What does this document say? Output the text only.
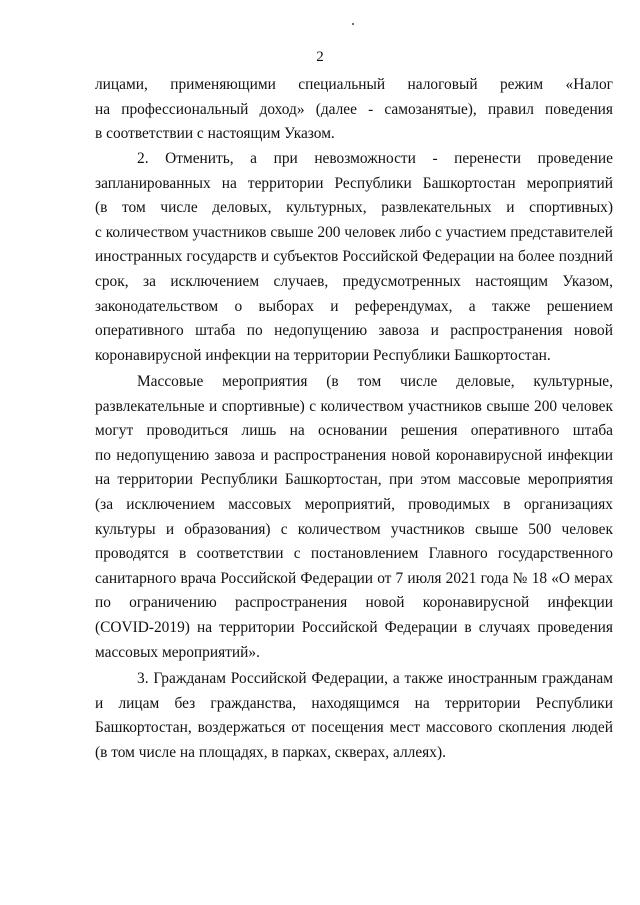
2
лицами, применяющими специальный налоговый режим «Налог
на профессиональный доход» (далее - самозанятые), правил поведения
в соответствии с настоящим Указом.
2. Отменить, а при невозможности - перенести проведение
запланированных на территории Республики Башкортостан мероприятий
(в том числе деловых, культурных, развлекательных и спортивных)
с количеством участников свыше 200 человек либо с участием представителей
иностранных государств и субъектов Российской Федерации на более поздний
срок, за исключением случаев, предусмотренных настоящим Указом,
законодательством о выборах и референдумах, а также решением
оперативного штаба по недопущению завоза и распространения новой
коронавирусной инфекции на территории Республики Башкортостан.
Массовые мероприятия (в том числе деловые, культурные,
развлекательные и спортивные) с количеством участников свыше 200 человек
могут проводиться лишь на основании решения оперативного штаба
по недопущению завоза и распространения новой коронавирусной инфекции
на территории Республики Башкортостан, при этом массовые мероприятия
(за исключением массовых мероприятий, проводимых в организациях
культуры и образования) с количеством участников свыше 500 человек
проводятся в соответствии с постановлением Главного государственного
санитарного врача Российской Федерации от 7 июля 2021 года № 18 «О мерах
по ограничению распространения новой коронавирусной инфекции
(COVID-2019) на территории Российской Федерации в случаях проведения
массовых мероприятий».
3. Гражданам Российской Федерации, а также иностранным гражданам
и лицам без гражданства, находящимся на территории Республики
Башкортостан, воздержаться от посещения мест массового скопления людей
(в том числе на площадях, в парках, скверах, аллеях).
